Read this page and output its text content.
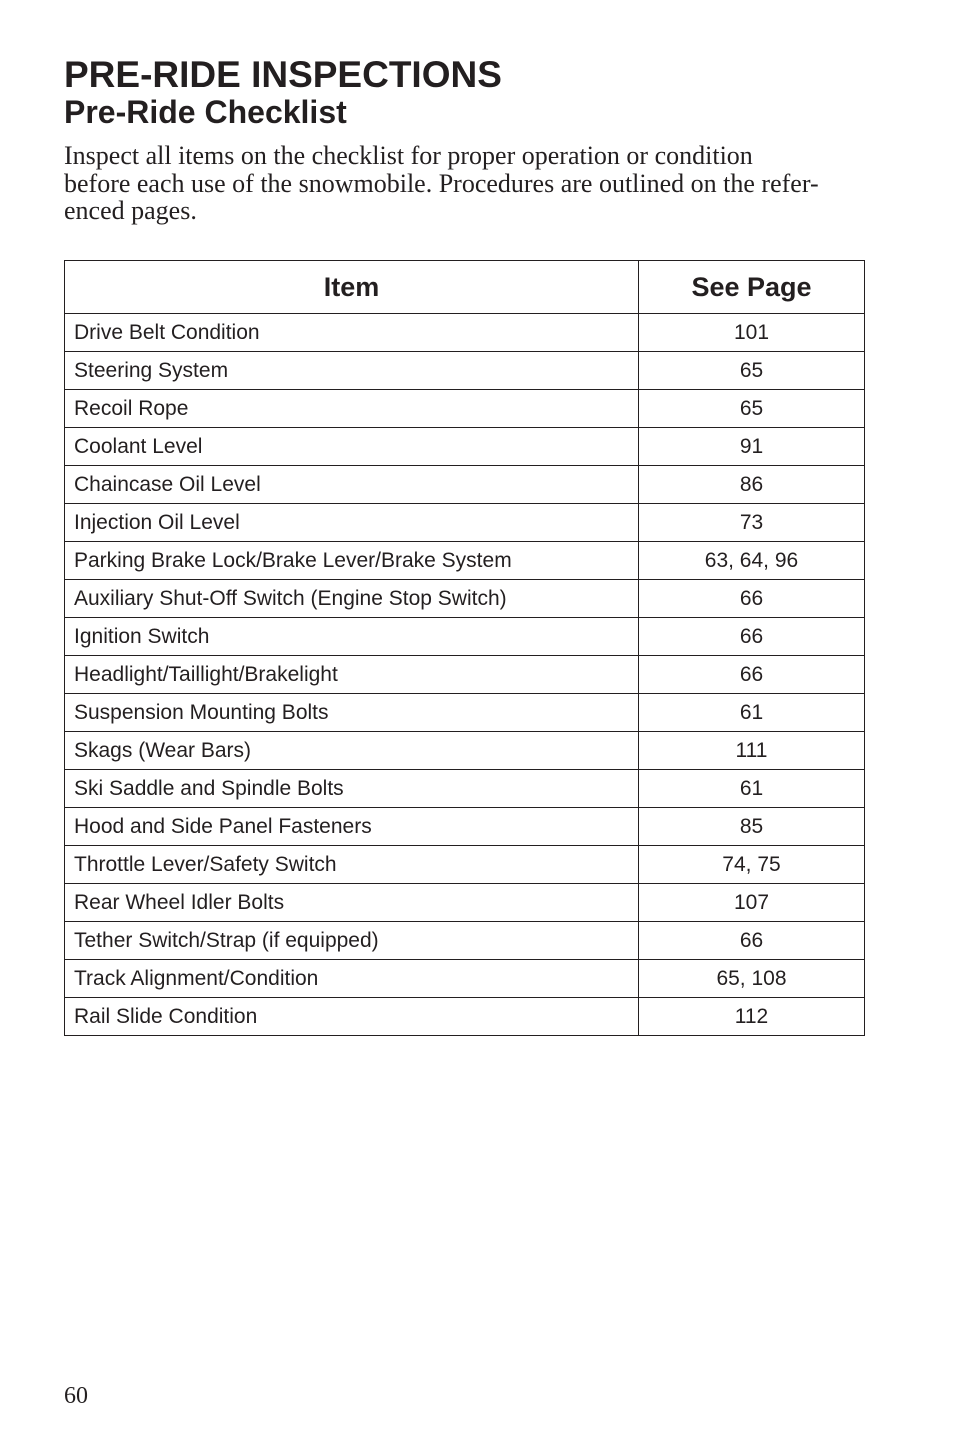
PRE-RIDE INSPECTIONS
Pre-Ride Checklist

Inspect all items on the checklist for proper operation or condition
before each use of the snowmobile. Procedures are outlined on the refer-
enced pages.

Item	See Page
Drive Belt Condition	101
Steering System	65
Recoil Rope	65
Coolant Level	91
Chaincase Oil Level	86
Injection Oil Level	73
Parking Brake Lock/Brake Lever/Brake System	63, 64, 96
Auxiliary Shut-Off Switch (Engine Stop Switch)	66
Ignition Switch	66
Headlight/Taillight/Brakelight	66
Suspension Mounting Bolts	61
Skags (Wear Bars)	111
Ski Saddle and Spindle Bolts	61
Hood and Side Panel Fasteners	85
Throttle Lever/Safety Switch	74, 75
Rear Wheel Idler Bolts	107
Tether Switch/Strap (if equipped)	66
Track Alignment/Condition	65, 108
Rail Slide Condition	112
60
